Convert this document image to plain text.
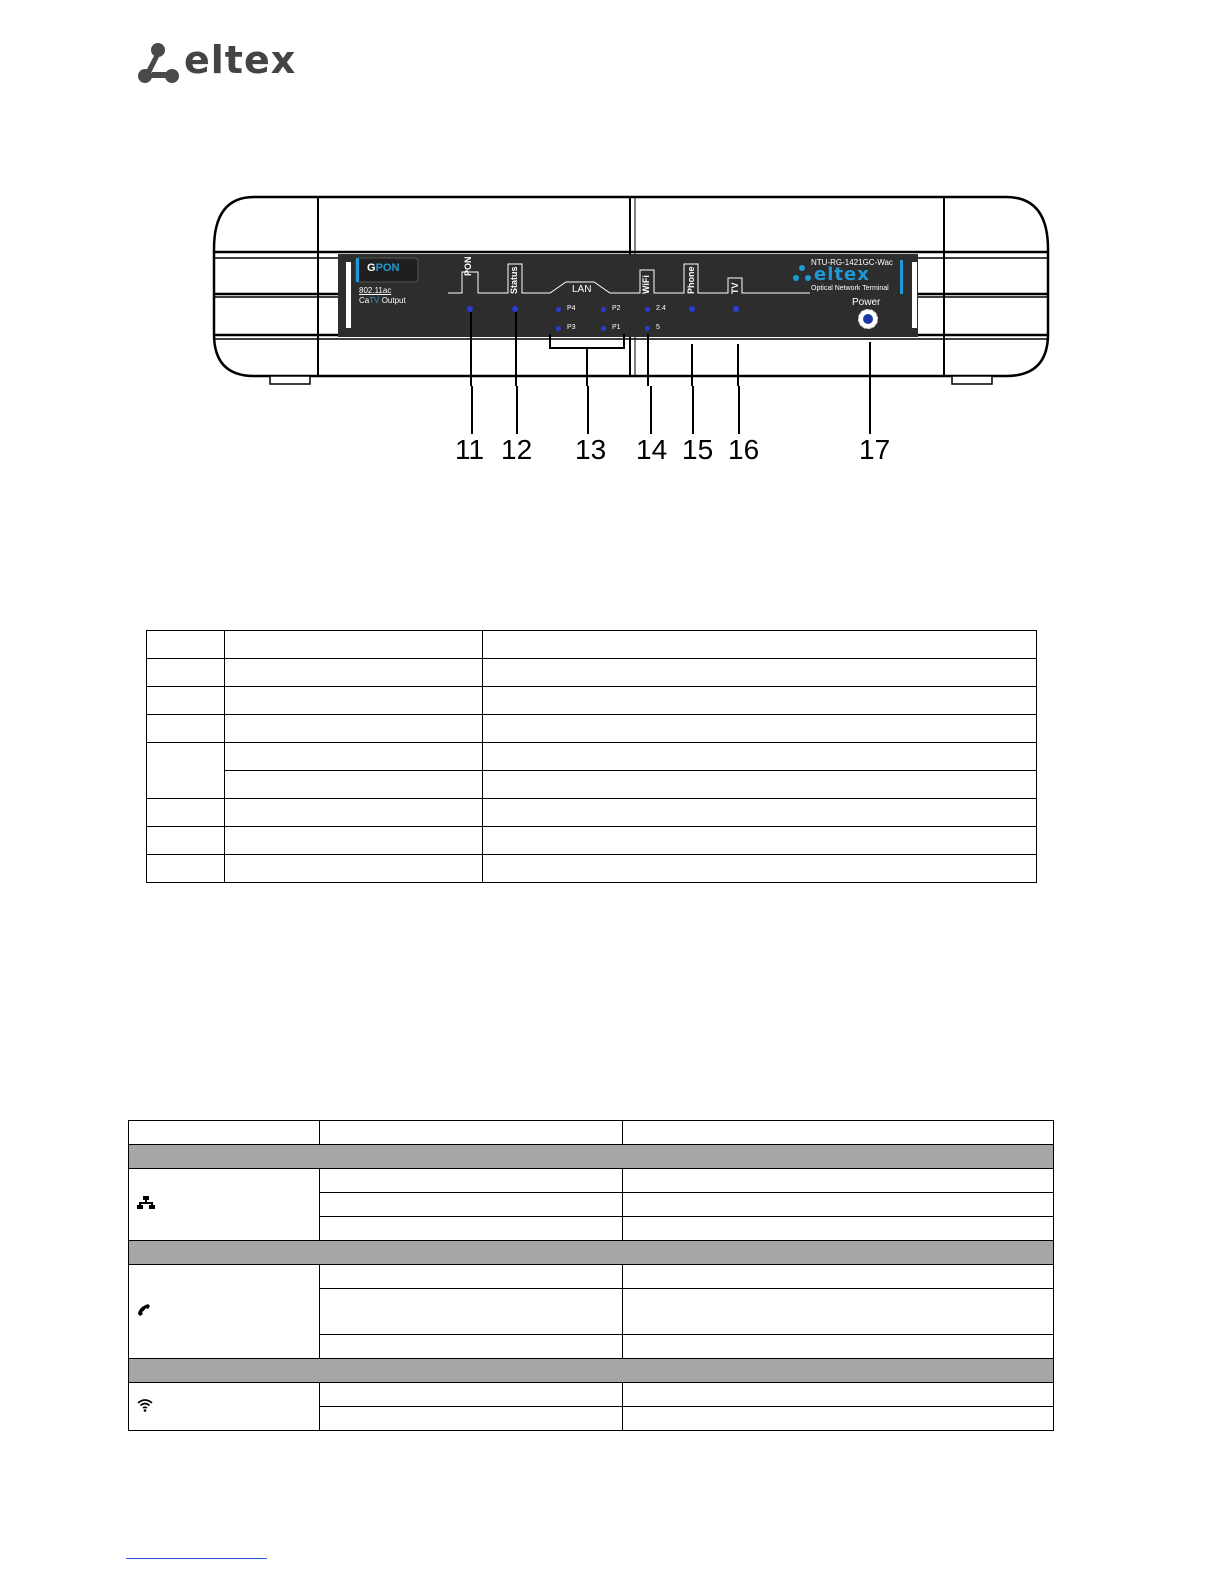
eltex
GPON
802.11ac
CaTV Output
PON
Status	WiFi	Phone	TV
LAN
P4	P2
P3	P1
2.4
5
NTU-RG-1421GC-Wac
eltex
Optical Network Terminal
Power
11 12 13 14 15 16	17
